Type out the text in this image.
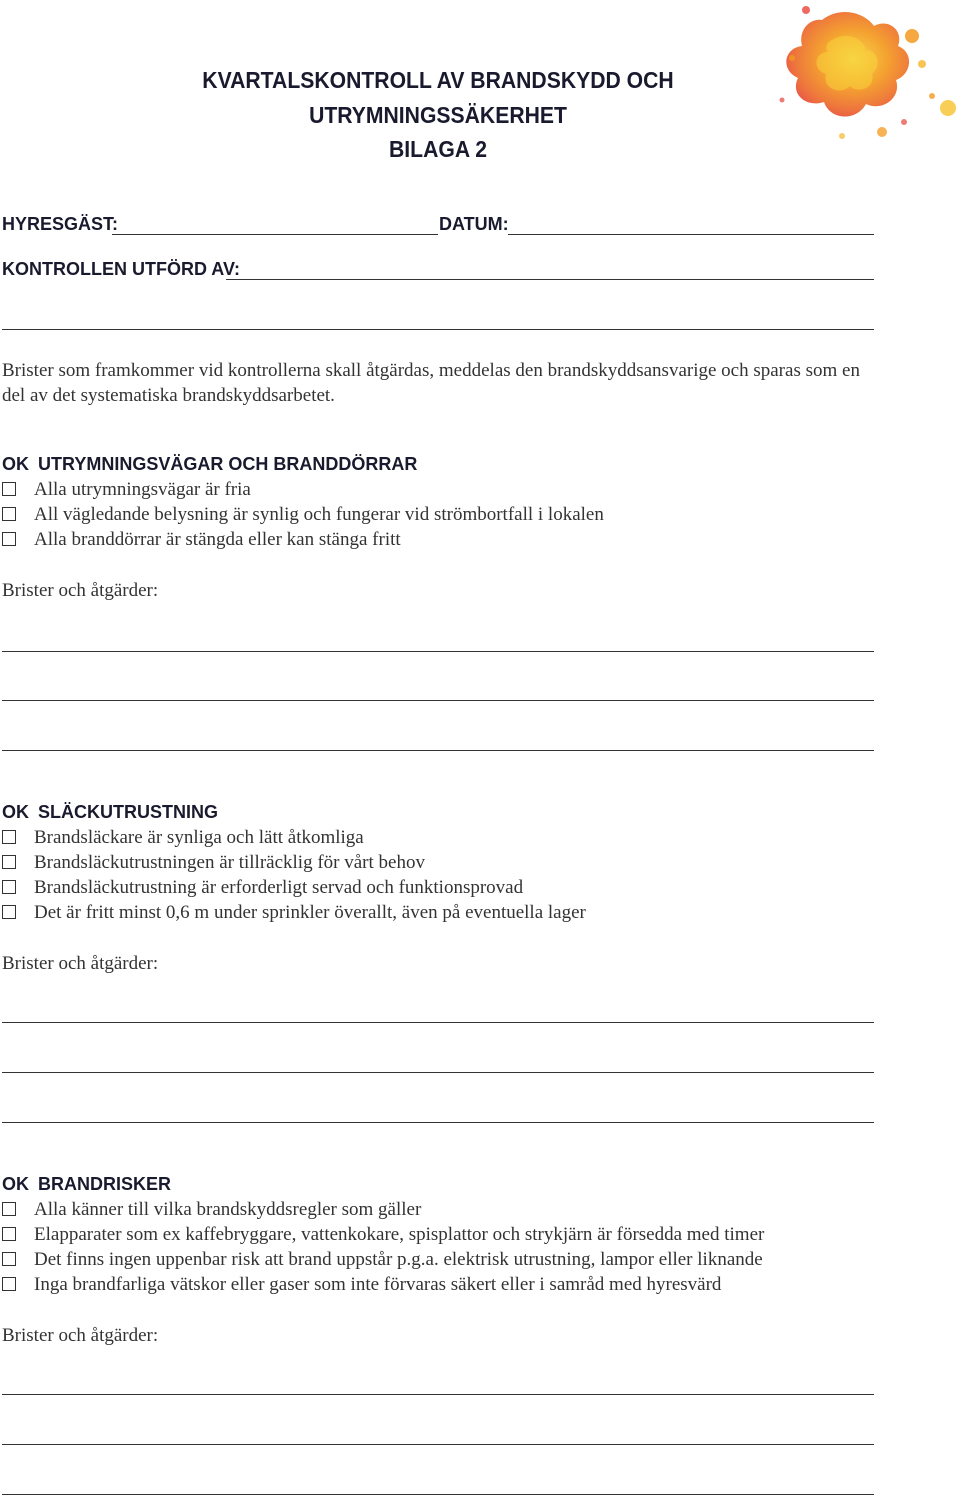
KVARTALSKONTROLL AV BRANDSKYDD OCH
UTRYMNINGSSÄKERHET
BILAGA 2
HYRESGÄST:	DATUM:
KONTROLLEN UTFÖRD AV:
Brister som framkommer vid kontrollerna skall åtgärdas, meddelas den brandskyddsansvarige och sparas som en del av det systematiska brandskyddsarbetet.
OK UTRYMNINGSVÄGAR OCH BRANDDÖRRAR
Alla utrymningsvägar är fria
All vägledande belysning är synlig och fungerar vid strömbortfall i lokalen
Alla branddörrar är stängda eller kan stänga fritt
Brister och åtgärder:
OK SLÄCKUTRUSTNING
Brandsläckare är synliga och lätt åtkomliga
Brandsläckutrustningen är tillräcklig för vårt behov
Brandsläckutrustning är erforderligt servad och funktionsprovad
Det är fritt minst 0,6 m under sprinkler överallt, även på eventuella lager
Brister och åtgärder:
OK BRANDRISKER
Alla känner till vilka brandskyddsregler som gäller
Elapparater som ex kaffebryggare, vattenkokare, spisplattor och strykjärn är försedda med timer
Det finns ingen uppenbar risk att brand uppstår p.g.a. elektrisk utrustning, lampor eller liknande
Inga brandfarliga vätskor eller gaser som inte förvaras säkert eller i samråd med hyresvärd
Brister och åtgärder:
